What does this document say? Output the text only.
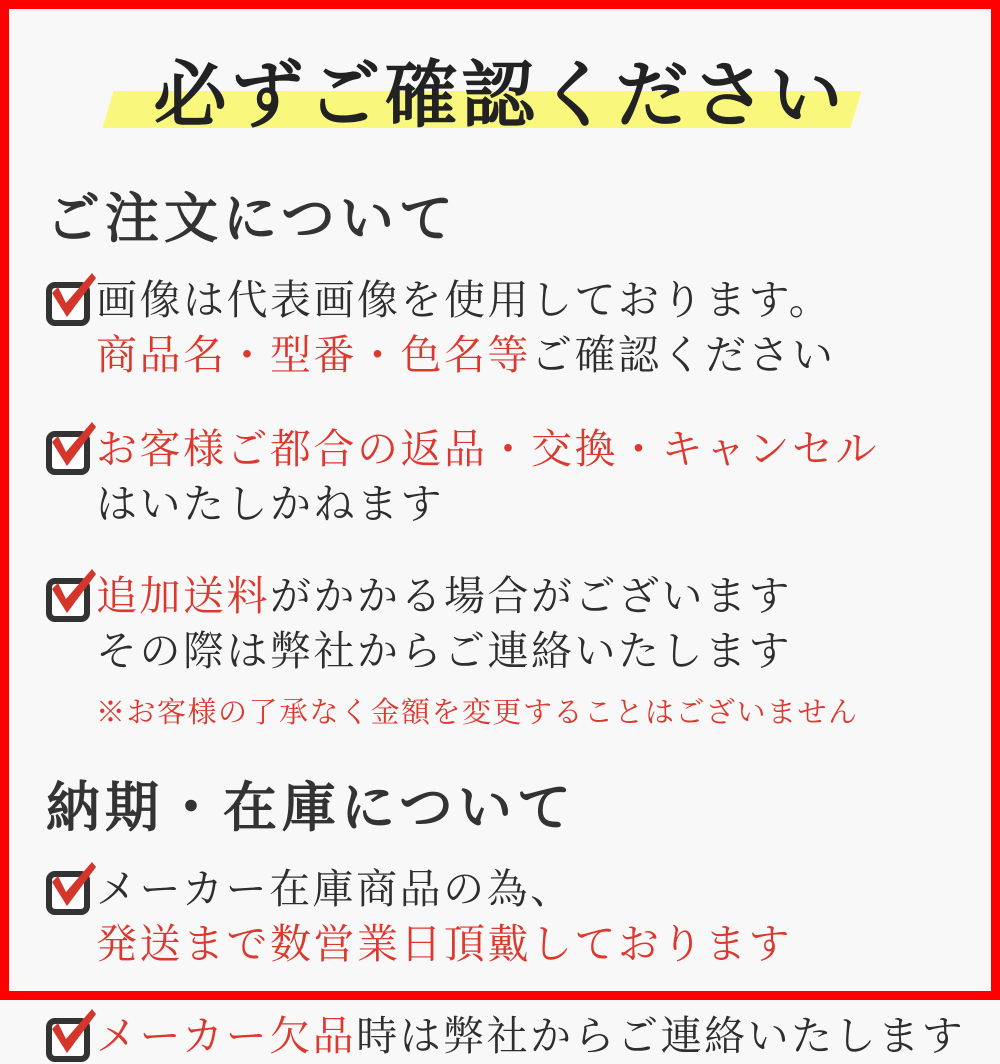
必ずご確認ください
ご注文について

画像は代表画像を使用しております。
商品名・型番・色名等ご確認ください

お客様ご都合の返品・交換・キャンセル
はいたしかねます

追加送料がかかる場合がございます
その際は弊社からご連絡いたします

※お客様の了承なく金額を変更することはございません
納期・在庫について

メーカー在庫商品の為、
発送まで数営業日頂戴しております

メーカー欠品時は弊社からご連絡いたします
